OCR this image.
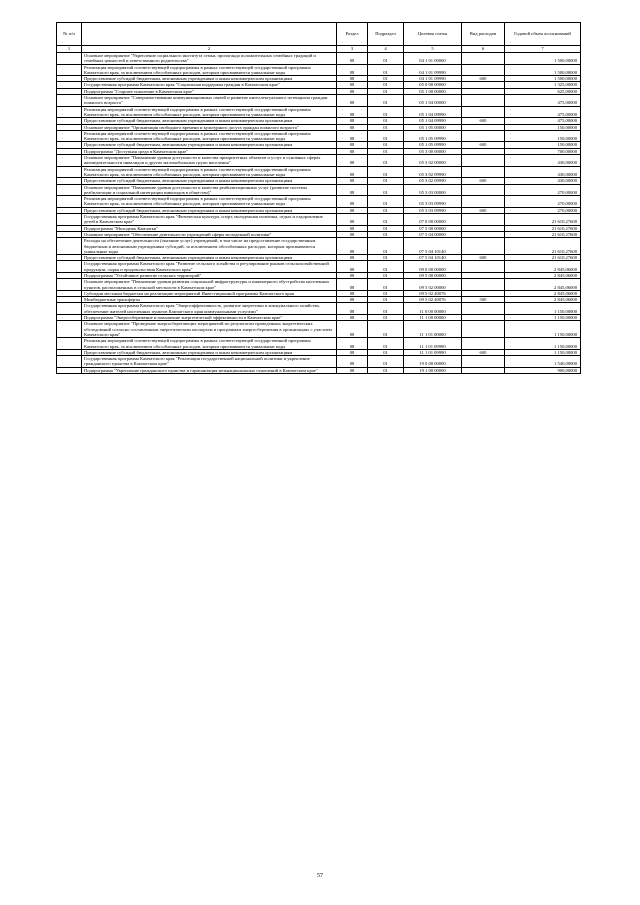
№ п/п		Раздел	Подраздел	Целевая статья	Вид расходов	Годовой объем ассигнований
1	2	3	4	5	6	7
	Основное мероприятие "Укрепление социального института семьи, пропаганда положительных семейных традиций и семейных ценностей и ответственного родительства"	08	01	04 1 01 00000		1 500,00000
	Реализация мероприятий соответствующей подпрограммы в рамках соответствующей государственной программы Камчатского края, за исключением обособленных расходов, которым присваиваются уникальные коды	08	01	04 1 01 09990		1 500,00000
	Предоставление субсидий бюджетным, автономным учреждениям и иным некоммерческим организациям	08	01	04 1 01 09990	600	1 500,00000
	Государственная программа Камчатского края "Социальная поддержка граждан в Камчатском крае"	08	01	05 0 00 00000		1 325,00000
	Подпрограмма "Старшее поколение в Камчатском крае"	08	01	05 1 00 00000		625,00000
	Основное мероприятие "Совершенствование коммуникационных связей и развитие интеллектуального потенциала граждан пожилого возраста"	08	01	05 1 04 00000		475,00000
	Реализация мероприятий соответствующей подпрограммы в рамках соответствующей государственной программы Камчатского края, за исключением обособленных расходов, которым присваиваются уникальные коды	08	01	05 1 04 09990		475,00000
	Предоставление субсидий бюджетным, автономным учреждениям и иным некоммерческим организациям	08	01	05 1 04 09990	600	475,00000
	Основное мероприятие "Организация свободного времени и культурного досуга граждан пожилого возраста"	08	01	05 1 05 00000		150,00000
	Реализация мероприятий соответствующей подпрограммы в рамках соответствующей государственной программы Камчатского края, за исключением обособленных расходов, которым присваиваются уникальные коды	08	01	05 1 05 09990		150,00000
	Предоставление субсидий бюджетным, автономным учреждениям и иным некоммерческим организациям	08	01	05 1 05 09990	600	150,00000
	Подпрограмма "Доступная среда в Камчатском крае"	08	01	05 3 00 00000		700,00000
	Основное мероприятие "Повышение уровня доступности и качества приоритетных объектов и услуг в основных сферах жизнедеятельности инвалидов и других маломобильных групп населения"	08	01	05 3 02 00000		430,00000
	Реализация мероприятий соответствующей подпрограммы в рамках соответствующей государственной программы Камчатского края, за исключением обособленных расходов, которым присваиваются уникальные коды	08	01	05 3 02 09990		430,00000
	Предоставление субсидий бюджетным, автономным учреждениям и иным некоммерческим организациям	08	01	05 3 02 09990	600	430,00000
	Основное мероприятие "Повышение уровня доступности и качества реабилитационных услуг (развитие системы реабилитации и социальной интеграции инвалидов в общество)"	08	01	05 3 03 00000		270,00000
	Реализация мероприятий соответствующей подпрограммы в рамках соответствующей государственной программы Камчатского края, за исключением обособленных расходов, которым присваиваются уникальные коды	08	01	05 3 03 09990		270,00000
	Предоставление субсидий бюджетным, автономным учреждениям и иным некоммерческим организациям	08	01	05 3 03 09990	600	270,00000
	Государственная программа Камчатского края "Физическая культура, спорт, молодежная политика, отдых и оздоровление детей в Камчатском крае"	08	01	07 0 00 00000		21 610,27600
	Подпрограмма "Молодежь Камчатки"	08	01	07 5 00 00000		21 610,27600
	Основное мероприятие "Обеспечение деятельности учреждений сферы молодежной политики"	08	01	07 5 04 00000		21 610,27600
	Расходы на обеспечение деятельности (оказание услуг) учреждений, в том числе на предоставление государственным бюджетным и автономным учреждениям субсидий, за исключением обособленных расходов, которым присваиваются уникальные коды	08	01	07 5 04 10140		21 610,27600
	Предоставление субсидий бюджетным, автономным учреждениям и иным некоммерческим организациям	08	01	07 5 04 10140	600	21 610,27600
	Государственная программа Камчатского края "Развитие сельского хозяйства и регулирование рынков сельскохозяйственной продукции, сырья и продовольствия Камчатского края"	08	01	09 0 00 00000		2 845,06000
	Подпрограмма "Устойчивое развитие сельских территорий"	08	01	09 5 00 00000		2 845,06000
	Основное мероприятие "Повышение уровня развития социальной инфраструктуры и инженерного обустройства населенных пунктов, расположенных в сельской местности в Камчатском крае"	08	01	09 5 02 00000		2 845,06000
	Субсидии местным бюджетам на реализацию мероприятий Инвестиционной программы Камчатского края	08	01	09 5 02 40076		2 845,06000
	Межбюджетные трансферты	08	01	09 5 02 40076	500	2 845,06000
	Государственная программа Камчатского края "Энергоэффективность, развитие энергетики и коммунального хозяйства, обеспечение жителей населенных пунктов Камчатского края коммунальными услугами"	08	01	11 0 00 00000		1 150,00000
	Подпрограмма "Энергосбережение и повышение энергетической эффективности в Камчатском крае"	08	01	11 1 00 00000		1 150,00000
	Основное мероприятие "Проведение энергосберегающих мероприятий по результатам проведенных энергетических обследований согласно составленным энергетическим паспортам и программам энергосбережения в организациях с участием Камчатского края"	08	01	11 1 01 00000		1 150,00000
	Реализация мероприятий соответствующей подпрограммы в рамках соответствующей государственной программы Камчатского края, за исключением обособленных расходов, которым присваиваются уникальные коды	08	01	11 1 01 09990		1 150,00000
	Предоставление субсидий бюджетным, автономным учреждениям и иным некоммерческим организациям	08	01	11 1 01 09990	600	1 150,00000
	Государственная программа Камчатского края "Реализация государственной национальной политики и укрепление гражданского единства в Камчатском крае"	08	01	19 0 00 00000		1 540,00000
	Подпрограмма "Укрепление гражданского единства и гармонизация межнациональных отношений в Камчатском крае"	08	01	19 1 00 00000		900,00000
57
